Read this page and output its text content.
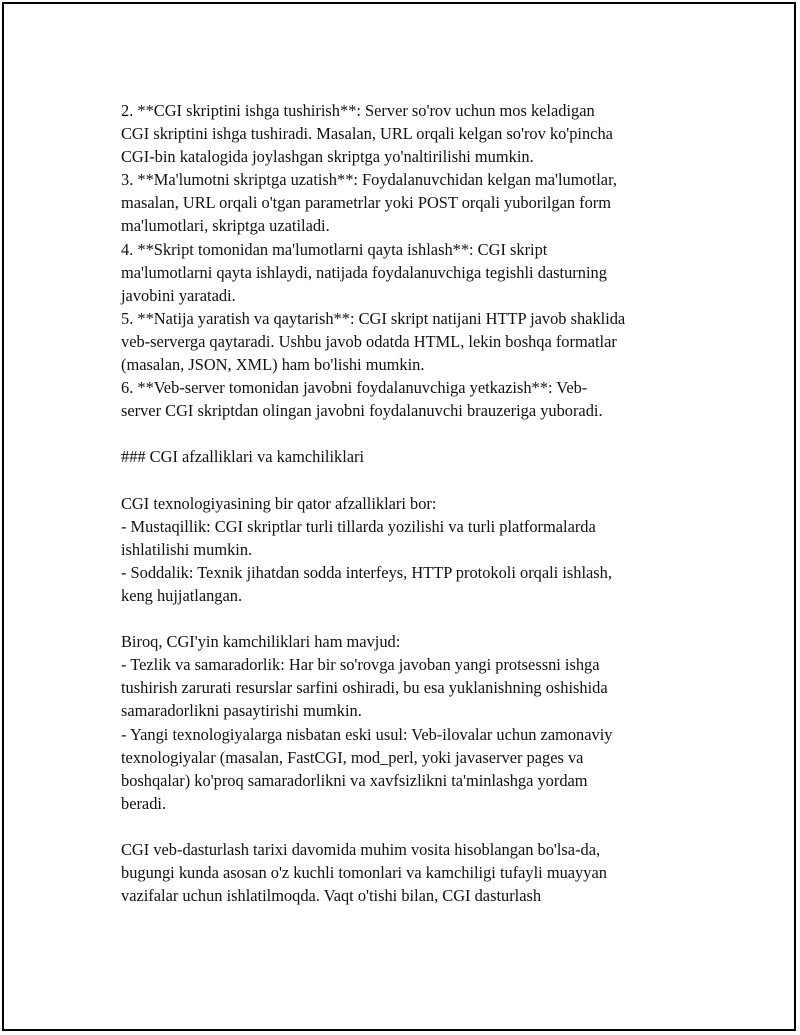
2. **CGI skriptini ishga tushirish**: Server so'rov uchun mos keladigan
CGI skriptini ishga tushiradi. Masalan, URL orqali kelgan so'rov ko'pincha
CGI-bin katalogida joylashgan skriptga yo'naltirilishi mumkin.
3. **Ma'lumotni skriptga uzatish**: Foydalanuvchidan kelgan ma'lumotlar,
masalan, URL orqali o'tgan parametrlar yoki POST orqali yuborilgan form
ma'lumotlari, skriptga uzatiladi.
4. **Skript tomonidan ma'lumotlarni qayta ishlash**: CGI skript
ma'lumotlarni qayta ishlaydi, natijada foydalanuvchiga tegishli dasturning
javobini yaratadi.
5. **Natija yaratish va qaytarish**: CGI skript natijani HTTP javob shaklida
veb-serverga qaytaradi. Ushbu javob odatda HTML, lekin boshqa formatlar
(masalan, JSON, XML) ham bo'lishi mumkin.
6. **Veb-server tomonidan javobni foydalanuvchiga yetkazish**: Veb-
server CGI skriptdan olingan javobni foydalanuvchi brauzeriga yuboradi.
### CGI afzalliklari va kamchiliklari
CGI texnologiyasining bir qator afzalliklari bor:
- Mustaqillik: CGI skriptlar turli tillarda yozilishi va turli platformalarda
ishlatilishi mumkin.
- Soddalik: Texnik jihatdan sodda interfeys, HTTP protokoli orqali ishlash,
keng hujjatlangan.
Biroq, CGI'yin kamchiliklari ham mavjud:
- Tezlik va samaradorlik: Har bir so'rovga javoban yangi protsessni ishga
tushirish zarurati resurslar sarfini oshiradi, bu esa yuklanishning oshishida
samaradorlikni pasaytirishi mumkin.
- Yangi texnologiyalarga nisbatan eski usul: Veb-ilovalar uchun zamonaviy
texnologiyalar (masalan, FastCGI, mod_perl, yoki javaserver pages va
boshqalar) ko'proq samaradorlikni va xavfsizlikni ta'minlashga yordam
beradi.
CGI veb-dasturlash tarixi davomida muhim vosita hisoblangan bo'lsa-da,
bugungi kunda asosan o'z kuchli tomonlari va kamchiligi tufayli muayyan
vazifalar uchun ishlatilmoqda. Vaqt o'tishi bilan, CGI dasturlash
